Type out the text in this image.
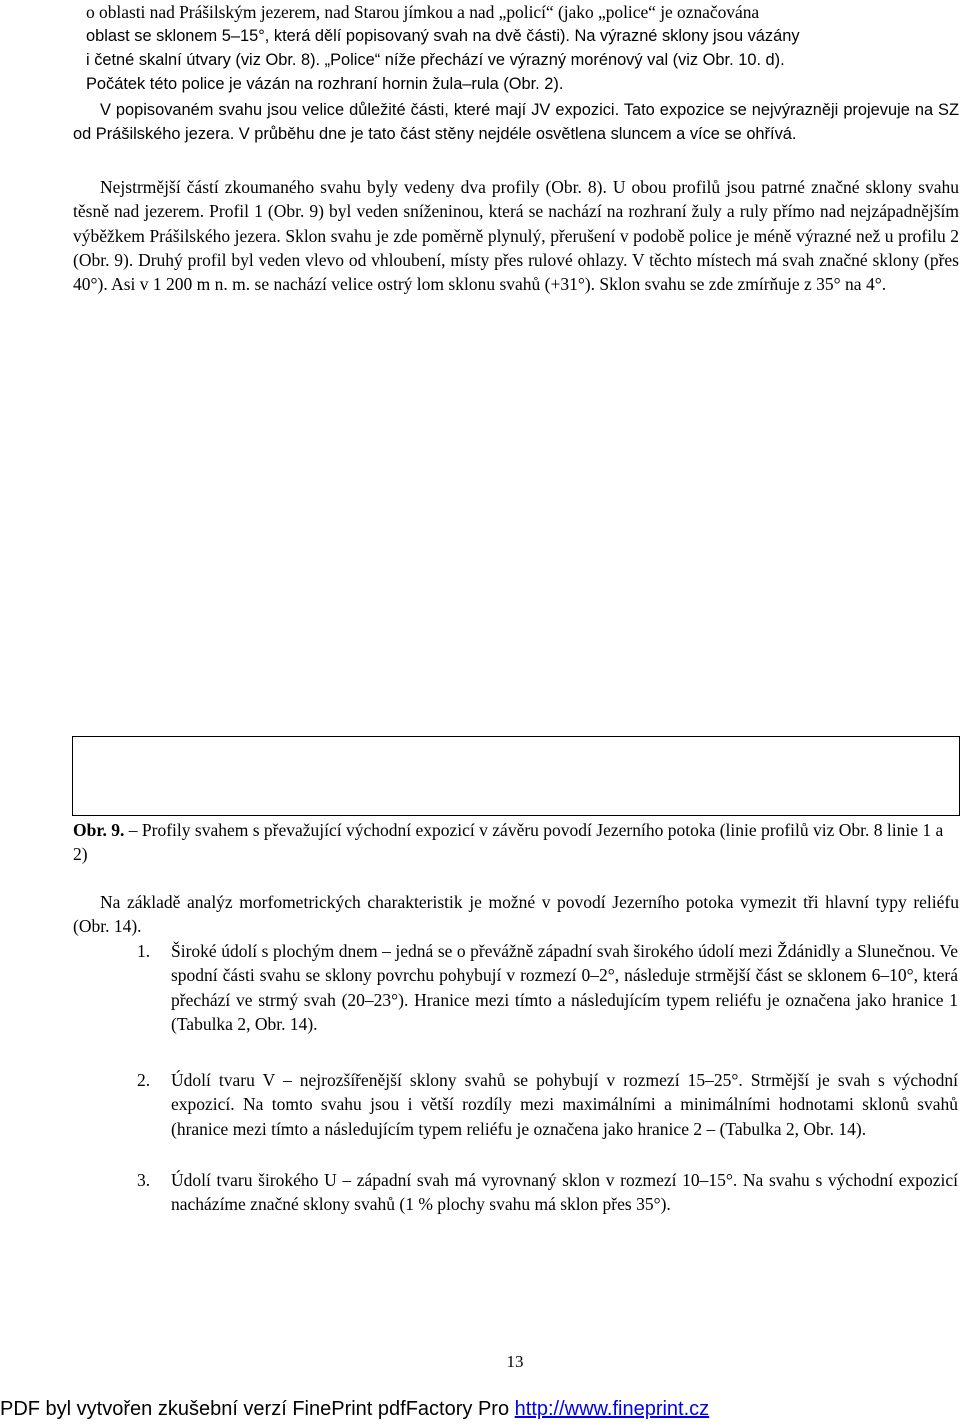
o oblasti nad Prášilským jezerem, nad Starou jímkou a nad „policí“ (jako „police“ je označována
oblast se sklonem 5–15°, která dělí popisovaný svah na dvě části). Na výrazné sklony jsou vázány
i četné skalní útvary (viz Obr. 8). „Police“ níže přechází ve výrazný morénový val (viz Obr. 10. d).
Počátek této police je vázán na rozhraní hornin žula–rula (Obr. 2).

V popisovaném svahu jsou velice důležité části, které mají JV expozici. Tato expozice se nejvýrazněji projevuje na SZ od Prášilského jezera. V průběhu dne je tato část stěny nejdéle osvětlena sluncem a více se ohřívá.

Nejstrmější částí zkoumaného svahu byly vedeny dva profily (Obr. 8). U obou profilů jsou patrné značné sklony svahu těsně nad jezerem. Profil 1 (Obr. 9) byl veden sníženinou, která se nachází na rozhraní žuly a ruly přímo nad nejzápadnějším výběžkem Prášilského jezera. Sklon svahu je zde poměrně plynulý, přerušení v podobě police je méně výrazné než u profilu 2 (Obr. 9). Druhý profil byl veden vlevo od vhloubení, místy přes rulové ohlazy. V těchto místech má svah značné sklony (přes 40°). Asi v 1 200 m n. m. se nachází velice ostrý lom sklonu svahů (+31°). Sklon svahu se zde zmírňuje z 35° na 4°.

Obr. 9. – Profily svahem s převažující východní expozicí v závěru povodí Jezerního potoka (linie profilů viz Obr. 8 linie 1 a 2)

Na základě analýz morfometrických charakteristik je možné v povodí Jezerního potoka vymezit tři hlavní typy reliéfu (Obr. 14).

1. Široké údolí s plochým dnem – jedná se o převážně západní svah širokého údolí mezi Ždánidly a Slunečnou. Ve spodní části svahu se sklony povrchu pohybují v rozmezí 0–2°, následuje strmější část se sklonem 6–10°, která přechází ve strmý svah (20–23°). Hranice mezi tímto a následujícím typem reliéfu je označena jako hranice 1 (Tabulka 2, Obr. 14).
2. Údolí tvaru V – nejrozšířenější sklony svahů se pohybují v rozmezí 15–25°. Strmější je svah s východní expozicí. Na tomto svahu jsou i větší rozdíly mezi maximálními a minimálními hodnotami sklonů svahů (hranice mezi tímto a následujícím typem reliéfu je označena jako hranice 2 – (Tabulka 2, Obr. 14).
3. Údolí tvaru širokého U – západní svah má vyrovnaný sklon v rozmezí 10–15°. Na svahu s východní expozicí nacházíme značné sklony svahů (1 % plochy svahu má sklon přes 35°).
13
PDF byl vytvořen zkušební verzí FinePrint pdfFactory Pro http://www.fineprint.cz
